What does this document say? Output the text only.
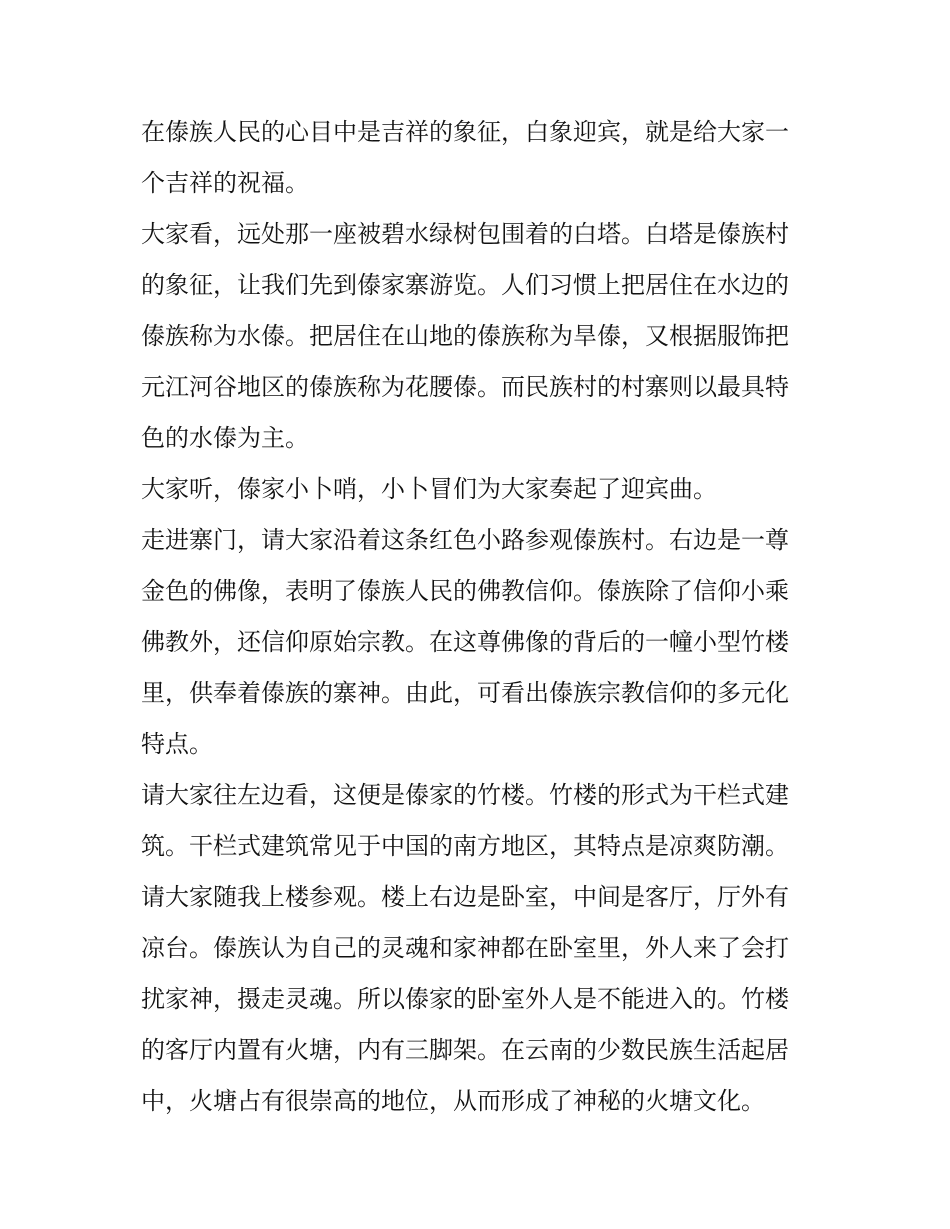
在傣族人民的心目中是吉祥的象征，白象迎宾，就是给大家一
个吉祥的祝福。
大家看，远处那一座被碧水绿树包围着的白塔。白塔是傣族村
的象征，让我们先到傣家寨游览。人们习惯上把居住在水边的
傣族称为水傣。把居住在山地的傣族称为旱傣，又根据服饰把
元江河谷地区的傣族称为花腰傣。而民族村的村寨则以最具特
色的水傣为主。
大家听，傣家小卜哨，小卜冒们为大家奏起了迎宾曲。
走进寨门，请大家沿着这条红色小路参观傣族村。右边是一尊
金色的佛像，表明了傣族人民的佛教信仰。傣族除了信仰小乘
佛教外，还信仰原始宗教。在这尊佛像的背后的一幢小型竹楼
里，供奉着傣族的寨神。由此，可看出傣族宗教信仰的多元化
特点。
请大家往左边看，这便是傣家的竹楼。竹楼的形式为干栏式建
筑。干栏式建筑常见于中国的南方地区，其特点是凉爽防潮。
请大家随我上楼参观。楼上右边是卧室，中间是客厅，厅外有
凉台。傣族认为自己的灵魂和家神都在卧室里，外人来了会打
扰家神，摄走灵魂。所以傣家的卧室外人是不能进入的。竹楼
的客厅内置有火塘，内有三脚架。在云南的少数民族生活起居
中，火塘占有很崇高的地位，从而形成了神秘的火塘文化。
